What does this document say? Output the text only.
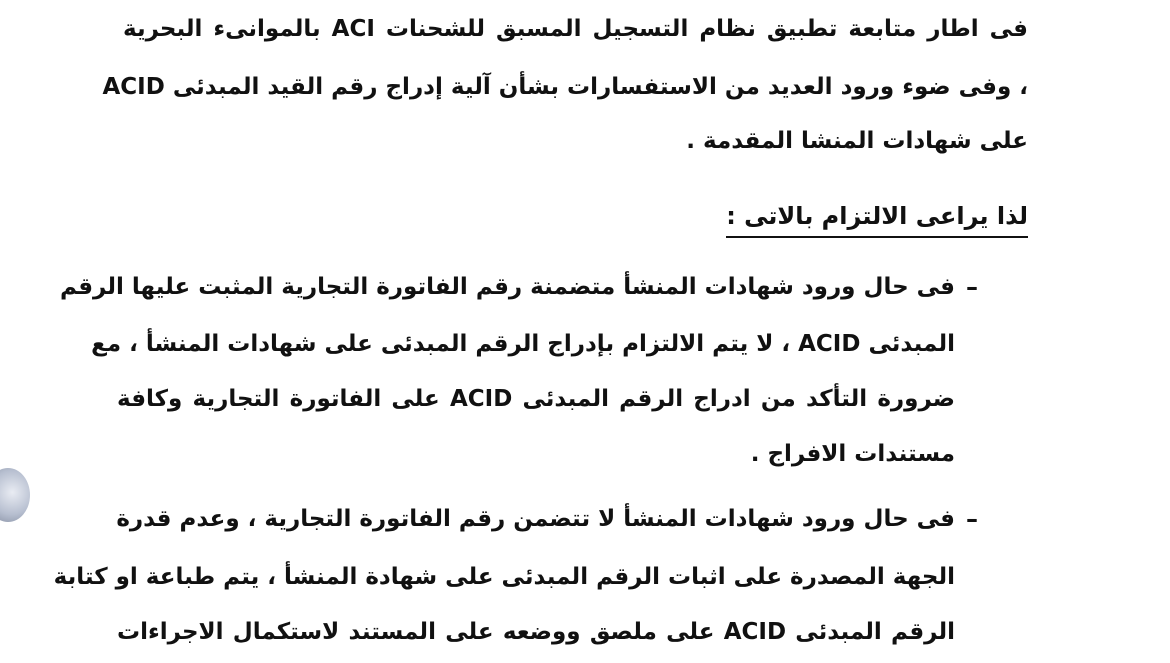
فى اطار متابعة تطبيق نظام التسجيل المسبق للشحنات ACI بالموانىء البحرية
، وفى ضوء ورود العديد من الاستفسارات بشأن آلية إدراج رقم القيد المبدئى ACID
على شهادات المنشا المقدمة .
لذا يراعى الالتزام بالاتى :
–
فى حال ورود شهادات المنشأ متضمنة رقم الفاتورة التجارية المثبت عليها الرقم
المبدئى ACID ، لا يتم الالتزام بإدراج الرقم المبدئى على شهادات المنشأ ، مع
ضرورة التأكد من ادراج الرقم المبدئى ACID على الفاتورة التجارية وكافة
مستندات الافراج .
–
فى حال ورود شهادات المنشأ لا تتضمن رقم الفاتورة التجارية ، وعدم قدرة
الجهة المصدرة على اثبات الرقم المبدئى على شهادة المنشأ ، يتم طباعة او كتابة
الرقم المبدئى ACID على ملصق ووضعه على المستند لاستكمال الاجراءات
